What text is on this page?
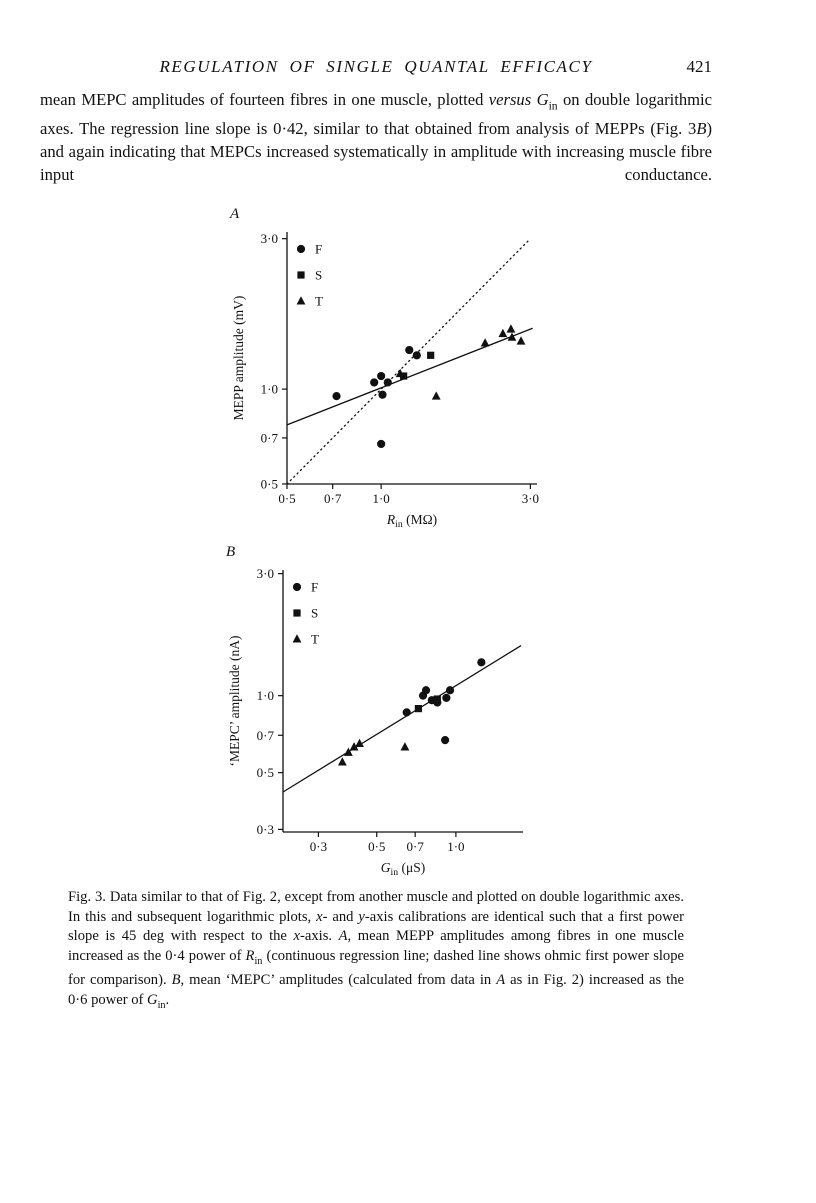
REGULATION OF SINGLE QUANTAL EFFICACY	421

mean MEPC amplitudes of fourteen fibres in one muscle, plotted versus $G_{in}$ on double logarithmic axes. The regression line slope is 0·42, similar to that obtained from analysis of MEPPs (Fig. 3B) and again indicating that MEPCs increased systematically in amplitude with increasing muscle fibre input conductance.

A
0·5 0·7 1·0	3·0
0·5
0·7
1·0
3·0
MEPP amplitude (mV)
$R_{in}$ (MΩ)
F
S
T
B
0·3	0·5 0·7 1·0
0·3
0·5
0·7
1·0
3·0
‘MEPC’ amplitude (nA)
$G_{in}$ (μS)
F
S
T

Fig. 3. Data similar to that of Fig. 2, except from another muscle and plotted on double logarithmic axes. In this and subsequent logarithmic plots, x- and y-axis calibrations are identical such that a first power slope is 45 deg with respect to the x-axis. A, mean MEPP amplitudes among fibres in one muscle increased as the 0·4 power of $R_{in}$ (continuous regression line; dashed line shows ohmic first power slope for comparison). B, mean ‘MEPC’ amplitudes (calculated from data in A as in Fig. 2) increased as the 0·6 power of $G_{in}$.
